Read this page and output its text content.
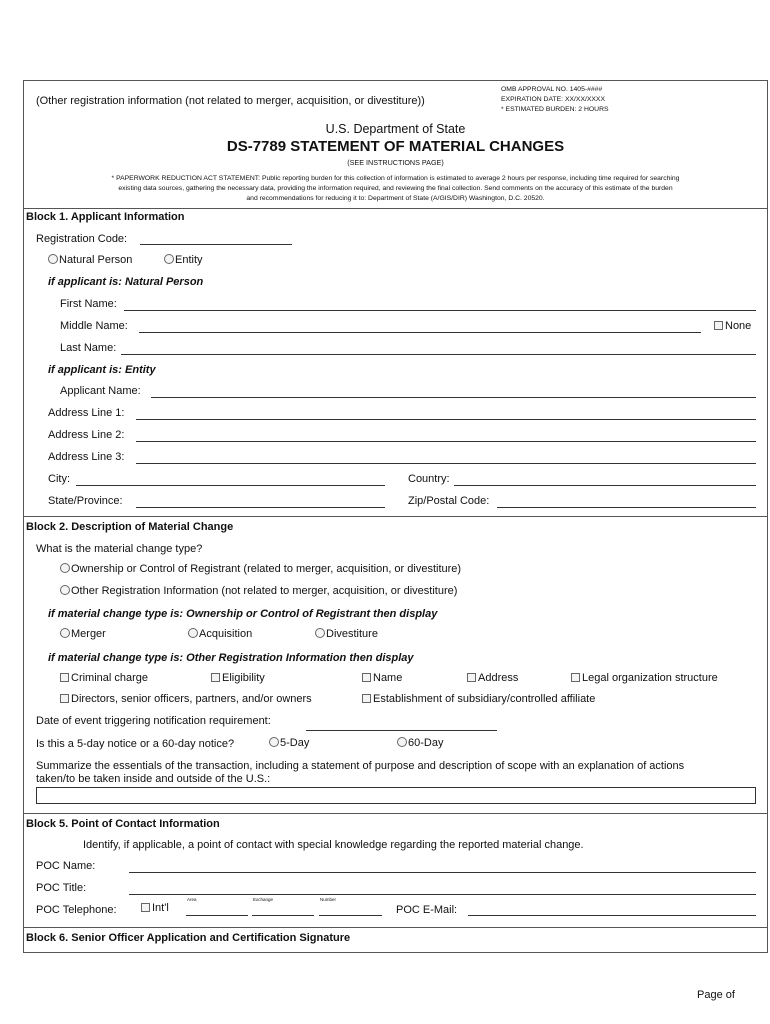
(Other registration information (not related to merger, acquisition, or divestiture))
OMB APPROVAL NO. 1405-####
EXPIRATION DATE: XX/XX/XXXX
* ESTIMATED BURDEN: 2 HOURS
U.S. Department of State
DS-7789 STATEMENT OF MATERIAL CHANGES
(SEE INSTRUCTIONS PAGE)
* PAPERWORK REDUCTION ACT STATEMENT: Public reporting burden for this collection of information is estimated to average 2 hours per response, including time required for searching
existing data sources, gathering the necessary data, providing the information required, and reviewing the final collection. Send comments on the accuracy of this estimate of the burden
and recommendations for reducing it to: Department of State (A/GIS/DIR) Washington, D.C. 20520.
Block 1. Applicant Information
Registration Code:
Natural Person	Entity
if applicant is: Natural Person
First Name:
Middle Name:	None
Last Name:
if applicant is: Entity
Applicant Name:
Address Line 1:
Address Line 2:
Address Line 3:
City:	Country:
State/Province:	Zip/Postal Code:
Block 2. Description of Material Change
What is the material change type?
Ownership or Control of Registrant (related to merger, acquisition, or divestiture)
Other Registration Information (not related to merger, acquisition, or divestiture)
if material change type is: Ownership or Control of Registrant then display
Merger	Acquisition	Divestiture
if material change type is: Other Registration Information then display
Criminal charge	Eligibility	Name	Address	Legal organization structure
Directors, senior officers, partners, and/or owners	Establishment of subsidiary/controlled affiliate
Date of event triggering notification requirement:
Is this a 5-day notice or a 60-day notice?	5-Day	60-Day
Summarize the essentials of the transaction, including a statement of purpose and description of scope with an explanation of actions
taken/to be taken inside and outside of the U.S.:
Block 5. Point of Contact Information
Identify, if applicable, a point of contact with special knowledge regarding the reported material change.
POC Name:
POC Title:
POC Telephone:	Int'l
Area	Exchange	Number
POC E-Mail:
Block 6. Senior Officer Application and Certification Signature
Page of
